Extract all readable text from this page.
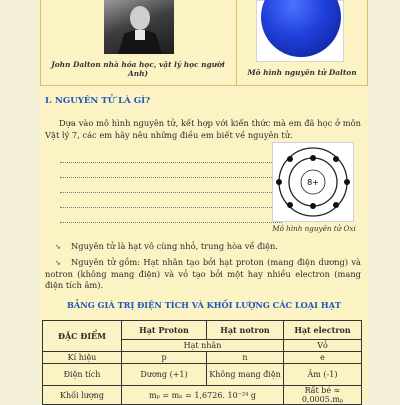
John Dalton nhà hóa học, vật lý học người Anh)	Mô hình nguyên tử Dalton
I. NGUYÊN TỬ LÀ GÌ?
Dựa vào mô hình nguyên tử, kết hợp với kiến thức mà em đã học ở môn Vật lý 7, các em hãy nêu những điều em biết về nguyên tử.
8+
Mô hình nguyên tử Oxi
➘ Nguyên tử là hạt vô cùng nhỏ, trung hòa về điện.
➘ Nguyên tử gồm: Hạt nhân tạo bởi hạt proton (mang điện dương) và notron (không mang điện) và vỏ tạo bởi một hay nhiều electron (mang điện tích âm).
BẢNG GIÁ TRỊ ĐIỆN TÍCH VÀ KHỐI LƯỢNG CÁC LOẠI HẠT
ĐẶC ĐIỂM	Hạt Proton	Hạt notron	Hạt electron
	Hạt nhân		Vỏ
Kí hiệu	p	n	e
Điện tích	Dương (+1)	Không mang điện	Âm (-1)
Khối lượng	mₚ = mₙ = 1,6726. 10⁻²⁴ g		Rất bé ≈ 0,0005.mₚ
